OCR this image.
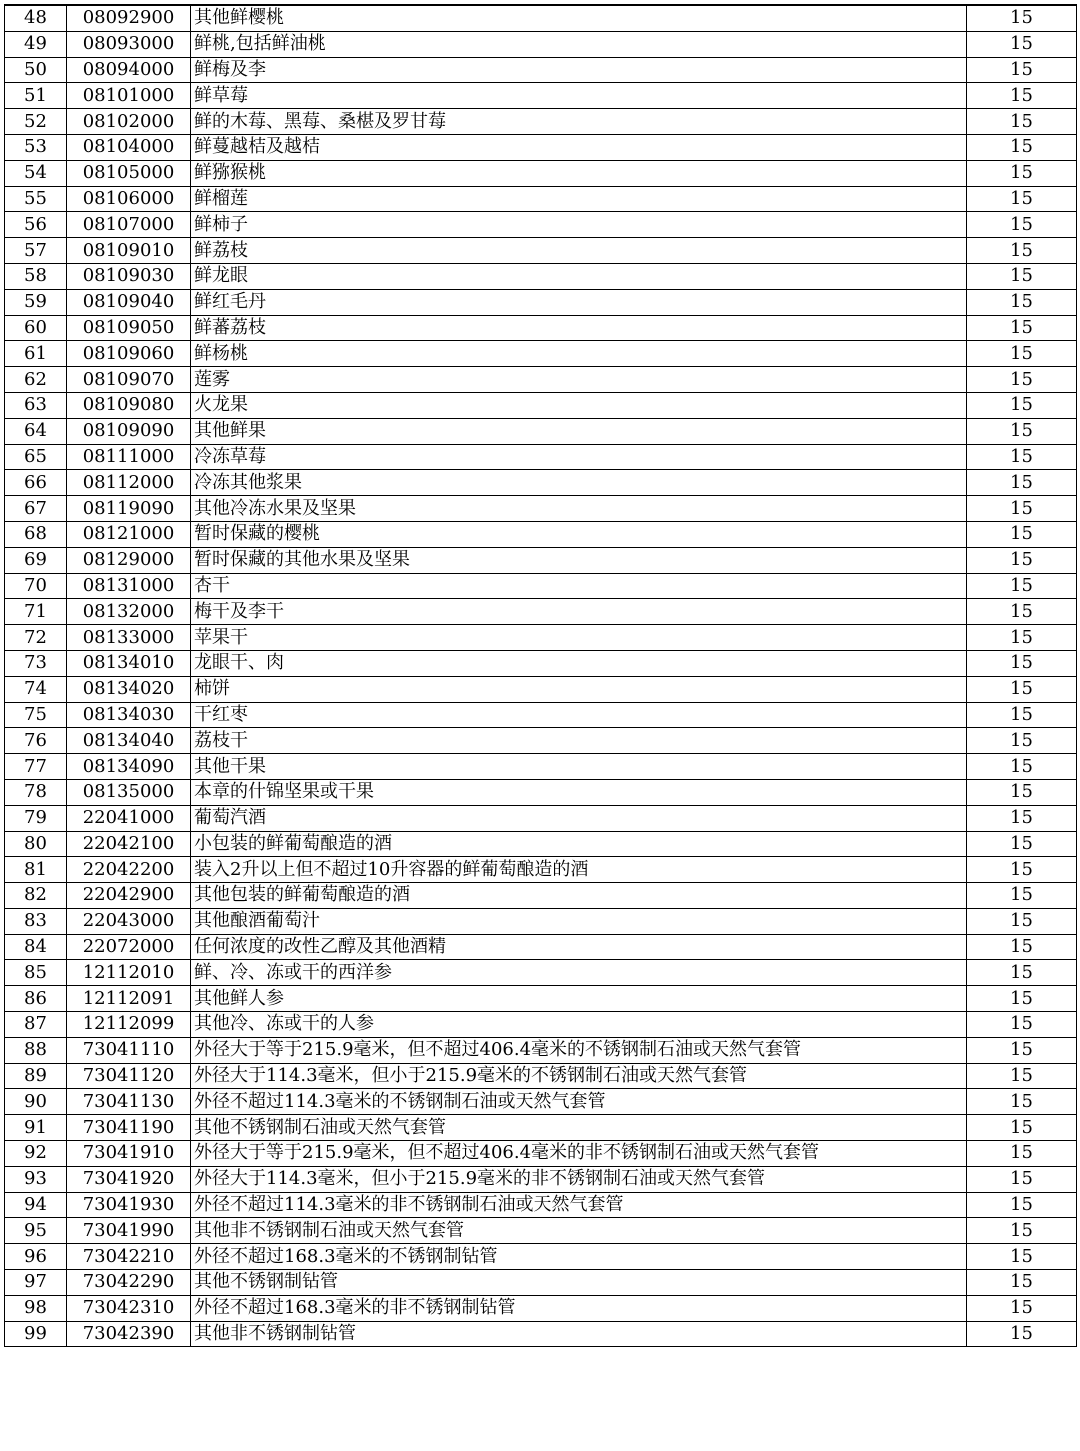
48	08092900	其他鲜樱桃	15
49	08093000	鲜桃,包括鲜油桃	15
50	08094000	鲜梅及李	15
51	08101000	鲜草莓	15
52	08102000	鲜的木莓、黑莓、桑椹及罗甘莓	15
53	08104000	鲜蔓越桔及越桔	15
54	08105000	鲜猕猴桃	15
55	08106000	鲜榴莲	15
56	08107000	鲜柿子	15
57	08109010	鲜荔枝	15
58	08109030	鲜龙眼	15
59	08109040	鲜红毛丹	15
60	08109050	鲜蕃荔枝	15
61	08109060	鲜杨桃	15
62	08109070	莲雾	15
63	08109080	火龙果	15
64	08109090	其他鲜果	15
65	08111000	冷冻草莓	15
66	08112000	冷冻其他浆果	15
67	08119090	其他冷冻水果及坚果	15
68	08121000	暂时保藏的樱桃	15
69	08129000	暂时保藏的其他水果及坚果	15
70	08131000	杏干	15
71	08132000	梅干及李干	15
72	08133000	苹果干	15
73	08134010	龙眼干、肉	15
74	08134020	柿饼	15
75	08134030	干红枣	15
76	08134040	荔枝干	15
77	08134090	其他干果	15
78	08135000	本章的什锦坚果或干果	15
79	22041000	葡萄汽酒	15
80	22042100	小包装的鲜葡萄酿造的酒	15
81	22042200	装入2升以上但不超过10升容器的鲜葡萄酿造的酒	15
82	22042900	其他包装的鲜葡萄酿造的酒	15
83	22043000	其他酿酒葡萄汁	15
84	22072000	任何浓度的改性乙醇及其他酒精	15
85	12112010	鲜、冷、冻或干的西洋参	15
86	12112091	其他鲜人参	15
87	12112099	其他冷、冻或干的人参	15
88	73041110	外径大于等于215.9毫米，但不超过406.4毫米的不锈钢制石油或天然气套管	15
89	73041120	外径大于114.3毫米，但小于215.9毫米的不锈钢制石油或天然气套管	15
90	73041130	外径不超过114.3毫米的不锈钢制石油或天然气套管	15
91	73041190	其他不锈钢制石油或天然气套管	15
92	73041910	外径大于等于215.9毫米，但不超过406.4毫米的非不锈钢制石油或天然气套管	15
93	73041920	外径大于114.3毫米，但小于215.9毫米的非不锈钢制石油或天然气套管	15
94	73041930	外径不超过114.3毫米的非不锈钢制石油或天然气套管	15
95	73041990	其他非不锈钢制石油或天然气套管	15
96	73042210	外径不超过168.3毫米的不锈钢制钻管	15
97	73042290	其他不锈钢制钻管	15
98	73042310	外径不超过168.3毫米的非不锈钢制钻管	15
99	73042390	其他非不锈钢制钻管	15
